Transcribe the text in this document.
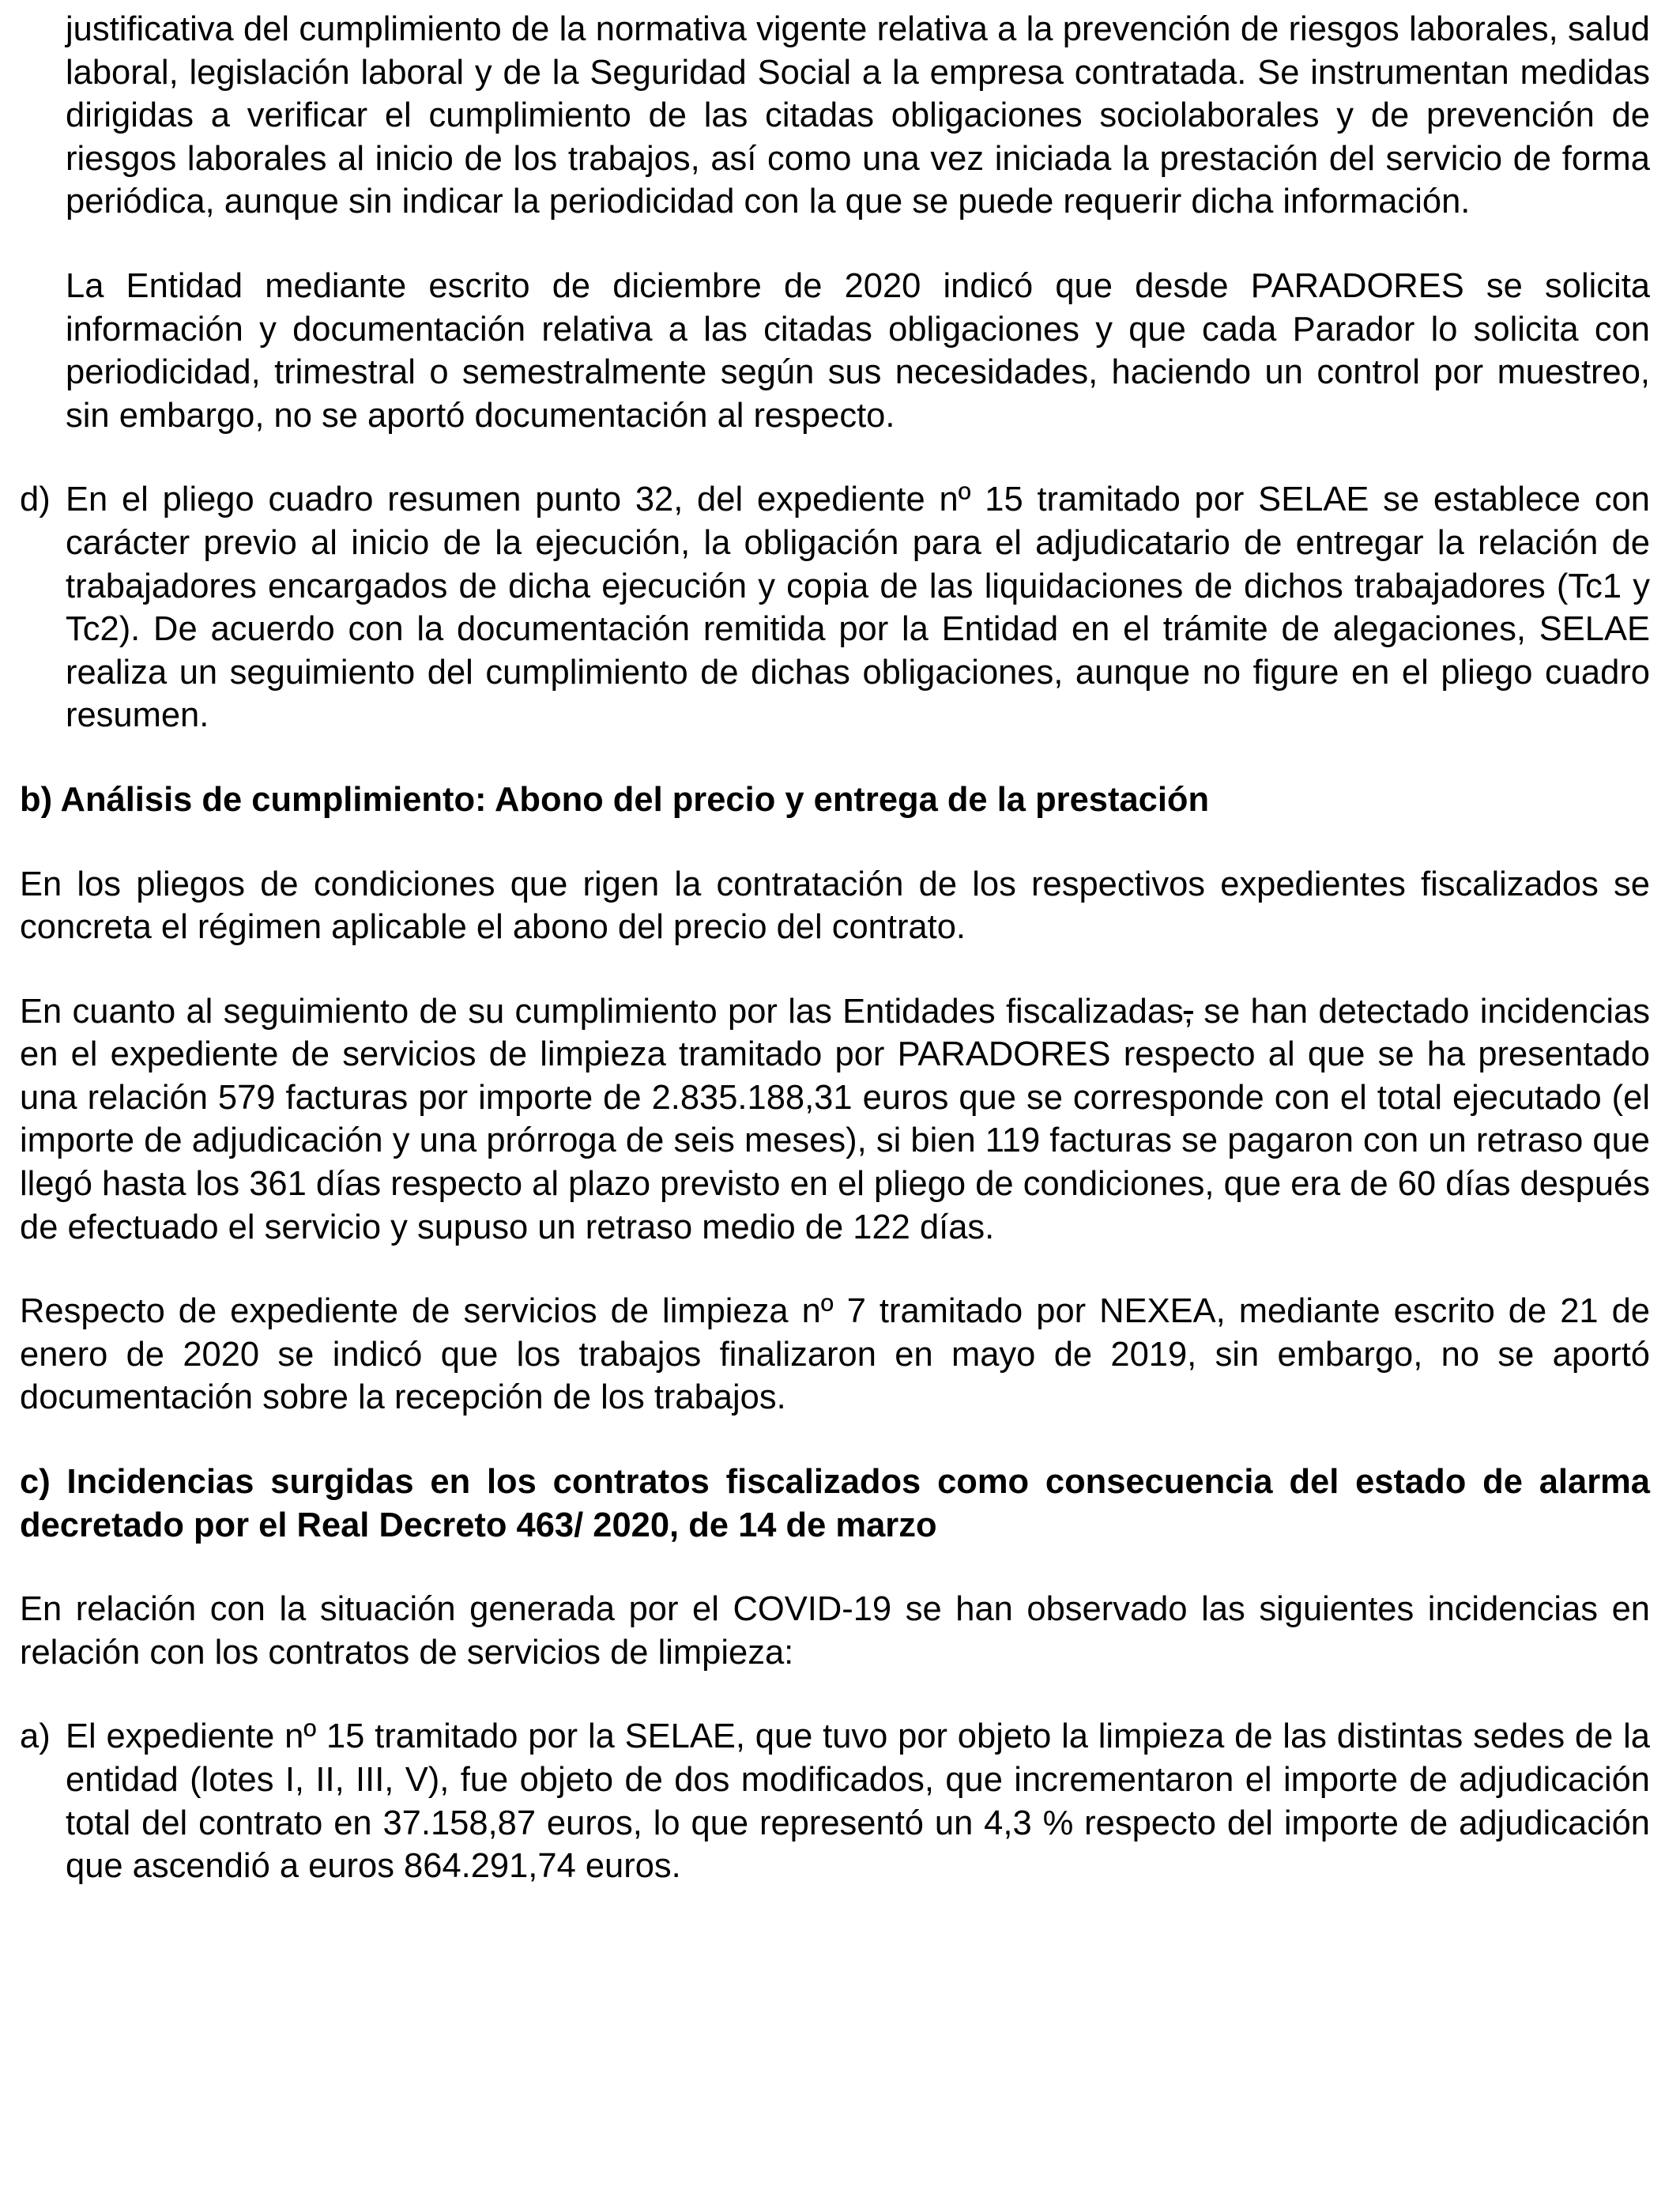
justificativa del cumplimiento de la normativa vigente relativa a la prevención de riesgos laborales, salud laboral, legislación laboral y de la Seguridad Social a la empresa contratada. Se instrumentan medidas dirigidas a verificar el cumplimiento de las citadas obligaciones sociolaborales y de prevención de riesgos laborales al inicio de los trabajos, así como una vez iniciada la prestación del servicio de forma periódica, aunque sin indicar la periodicidad con la que se puede requerir dicha información.

La Entidad mediante escrito de diciembre de 2020 indicó que desde PARADORES se solicita información y documentación relativa a las citadas obligaciones y que cada Parador lo solicita con periodicidad, trimestral o semestralmente según sus necesidades, haciendo un control por muestreo, sin embargo, no se aportó documentación al respecto.

d) En el pliego cuadro resumen punto 32, del expediente nº 15 tramitado por SELAE se establece con carácter previo al inicio de la ejecución, la obligación para el adjudicatario de entregar la relación de trabajadores encargados de dicha ejecución y copia de las liquidaciones de dichos trabajadores (Tc1 y Tc2). De acuerdo con la documentación remitida por la Entidad en el trámite de alegaciones, SELAE realiza un seguimiento del cumplimiento de dichas obligaciones, aunque no figure en el pliego cuadro resumen.

b) Análisis de cumplimiento: Abono del precio y entrega de la prestación

En los pliegos de condiciones que rigen la contratación de los respectivos expedientes fiscalizados se concreta el régimen aplicable el abono del precio del contrato.

En cuanto al seguimiento de su cumplimiento por las Entidades fiscalizadas, se han detectado incidencias en el expediente de servicios de limpieza tramitado por PARADORES respecto al que se ha presentado una relación 579 facturas por importe de 2.835.188,31 euros que se corresponde con el total ejecutado (el importe de adjudicación y una prórroga de seis meses), si bien 119 facturas se pagaron con un retraso que llegó hasta los 361 días respecto al plazo previsto en el pliego de condiciones, que era de 60 días después de efectuado el servicio y supuso un retraso medio de 122 días.

Respecto de expediente de servicios de limpieza nº 7 tramitado por NEXEA, mediante escrito de 21 de enero de 2020 se indicó que los trabajos finalizaron en mayo de 2019, sin embargo, no se aportó documentación sobre la recepción de los trabajos.

c) Incidencias surgidas en los contratos fiscalizados como consecuencia del estado de alarma decretado por el Real Decreto 463/ 2020, de 14 de marzo

En relación con la situación generada por el COVID-19 se han observado las siguientes incidencias en relación con los contratos de servicios de limpieza:

a) El expediente nº 15 tramitado por la SELAE, que tuvo por objeto la limpieza de las distintas sedes de la entidad (lotes I, II, III, V), fue objeto de dos modificados, que incrementaron el importe de adjudicación total del contrato en 37.158,87 euros, lo que representó un 4,3 % respecto del importe de adjudicación que ascendió a euros 864.291,74 euros.
